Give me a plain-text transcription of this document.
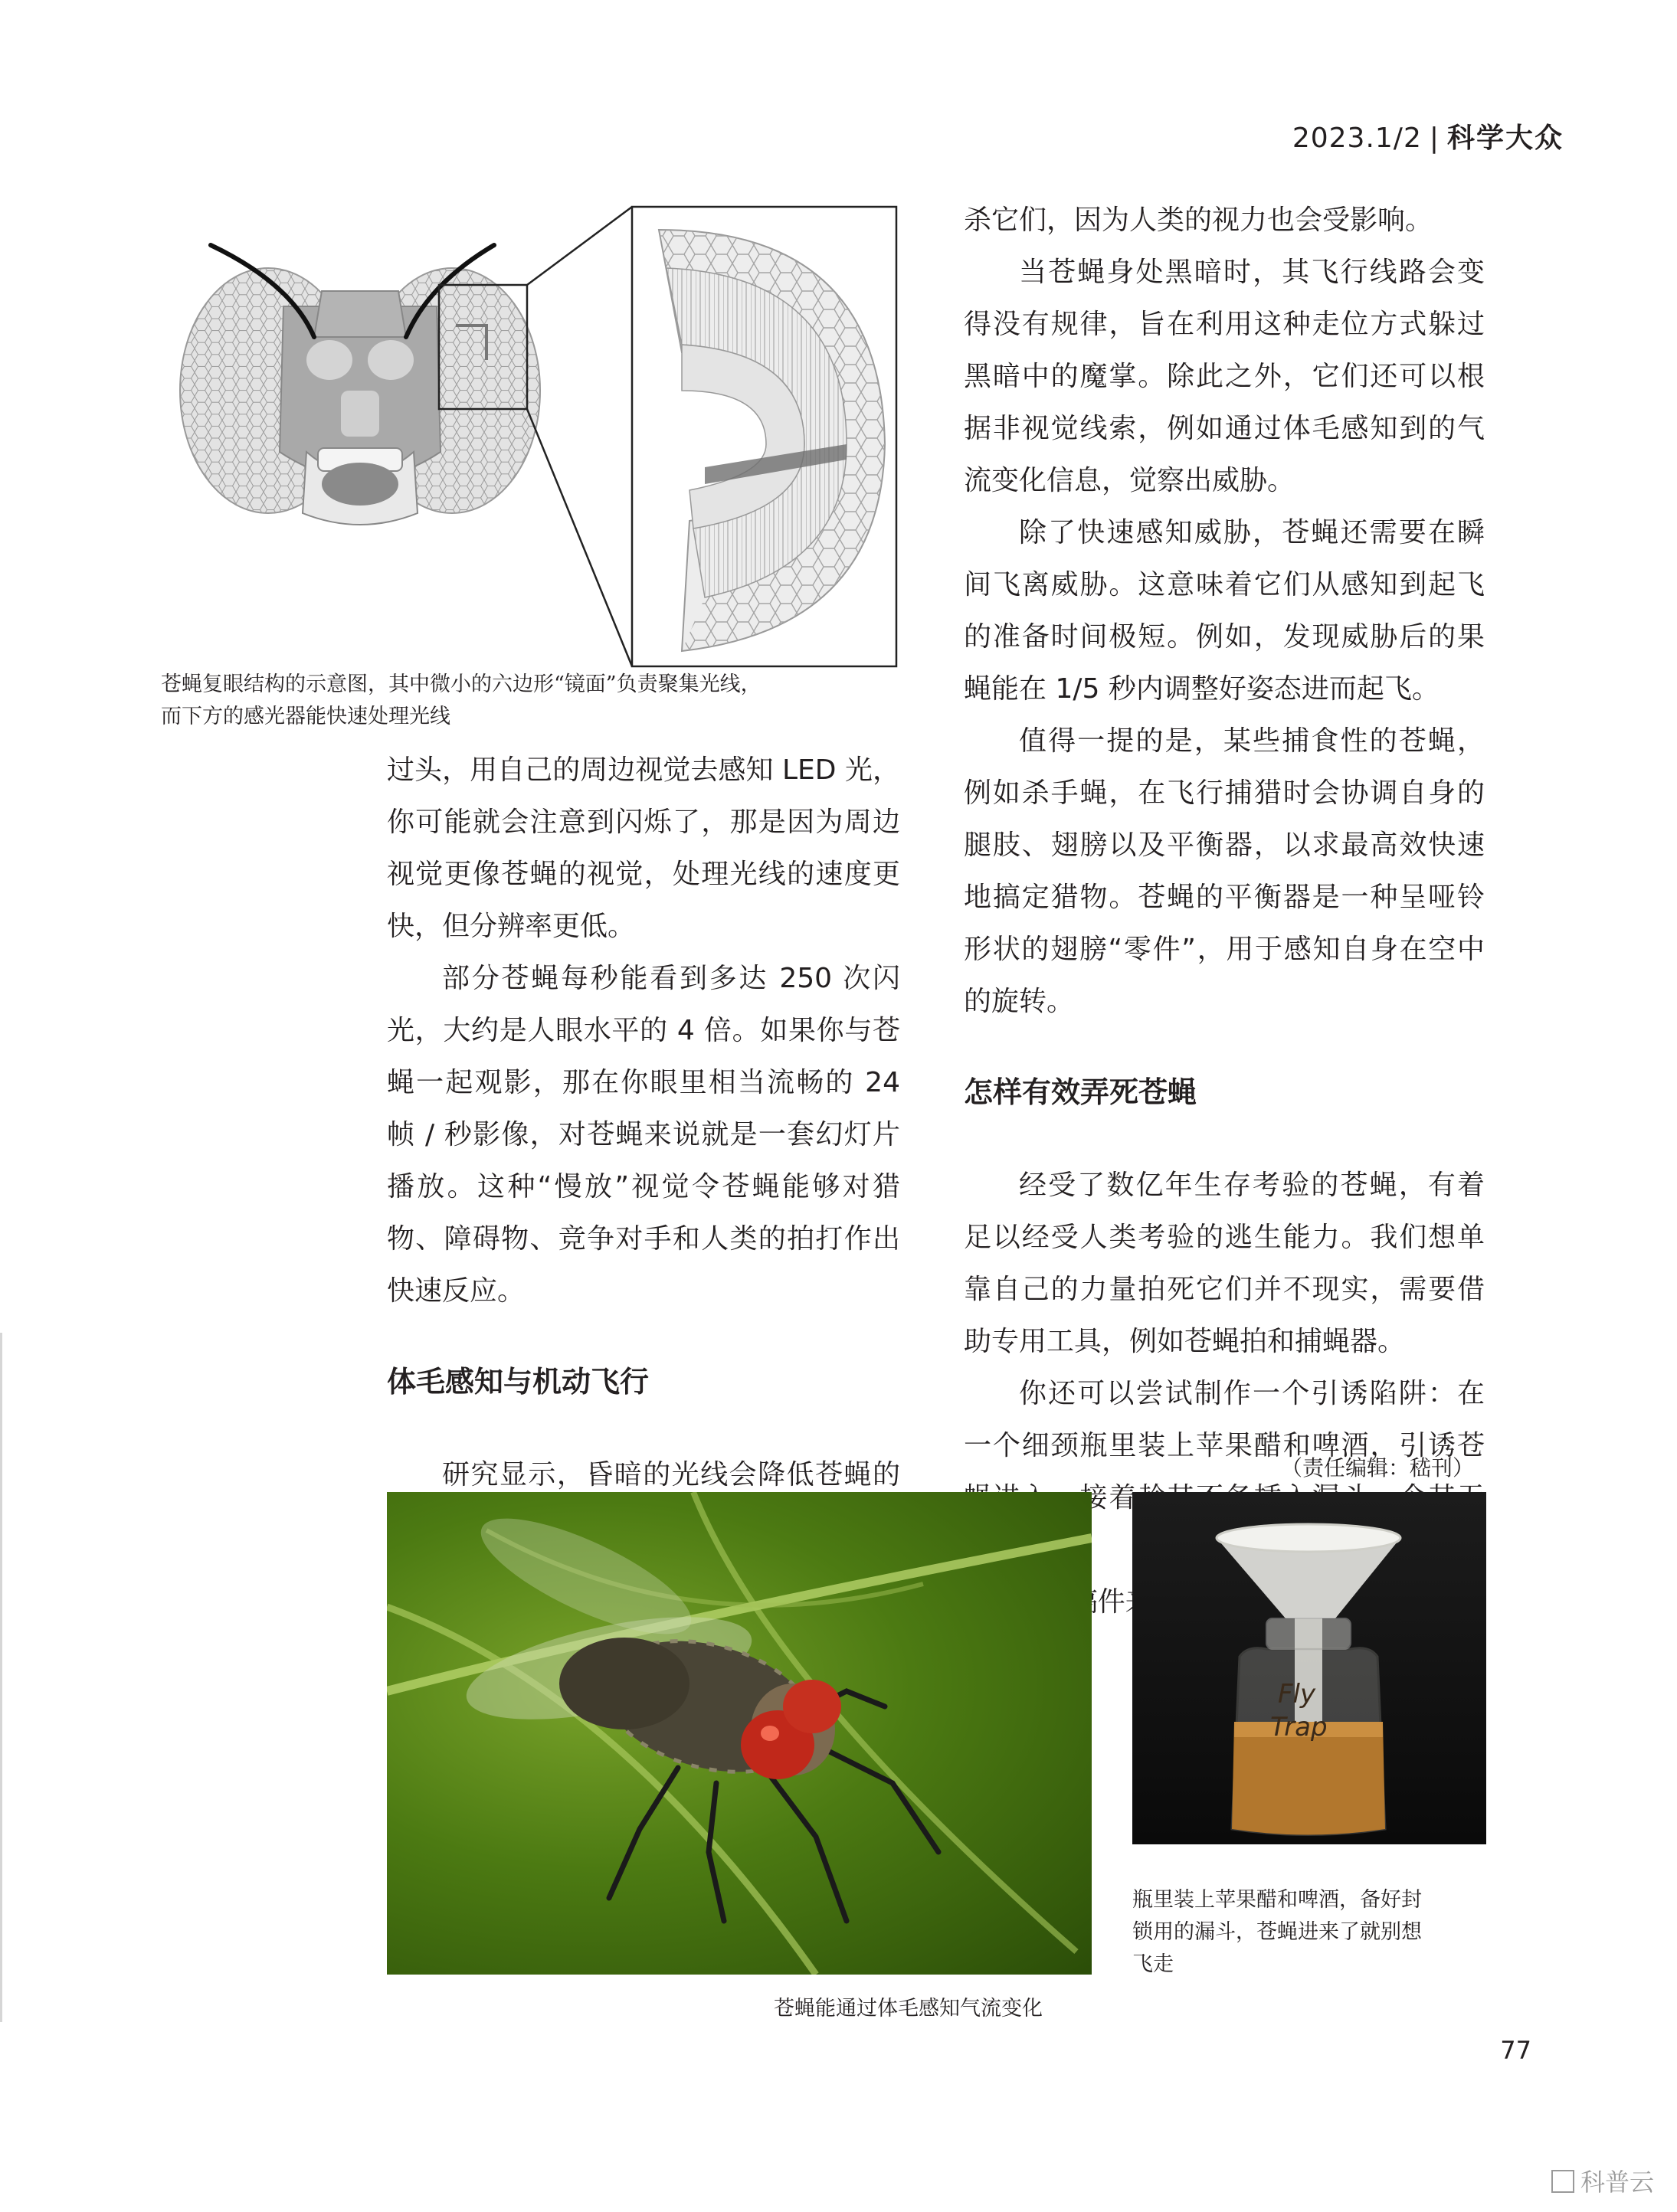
2023.1/2 | 科学大众
苍蝇复眼结构的示意图，其中微小的六边形“镜面”负责聚集光线，
而下方的感光器能快速处理光线

过头，用自己的周边视觉去感知 LED 光，你可能就会注意到闪烁了，那是因为周边视觉更像苍蝇的视觉，处理光线的速度更快，但分辨率更低。

部分苍蝇每秒能看到多达 250 次闪光，大约是人眼水平的 4 倍。如果你与苍蝇一起观影，那在你眼里相当流畅的 24 帧 / 秒影像，对苍蝇来说就是一套幻灯片播放。这种“慢放”视觉令苍蝇能够对猎物、障碍物、竞争对手和人类的拍打作出快速反应。

体毛感知与机动飞行

研究显示，昏暗的光线会降低苍蝇的

杀它们，因为人类的视力也会受影响。

当苍蝇身处黑暗时，其飞行线路会变得没有规律，旨在利用这种走位方式躲过黑暗中的魔掌。除此之外，它们还可以根据非视觉线索，例如通过体毛感知到的气流变化信息，觉察出威胁。

除了快速感知威胁，苍蝇还需要在瞬间飞离威胁。这意味着它们从感知到起飞的准备时间极短。例如，发现威胁后的果蝇能在 1/5 秒内调整好姿态进而起飞。

值得一提的是，某些捕食性的苍蝇，例如杀手蝇，在飞行捕猎时会协调自身的腿肢、翅膀以及平衡器，以求最高效快速地搞定猎物。苍蝇的平衡器是一种呈哑铃形状的翅膀“零件”，用于感知自身在空中的旋转。

怎样有效弄死苍蝇

经受了数亿年生存考验的苍蝇，有着足以经受人类考验的逃生能力。我们想单靠自己的力量拍死它们并不现实，需要借助专用工具，例如苍蝇拍和捕蝇器。

你还可以尝试制作一个引诱陷阱：在一个细颈瓶里装上苹果醋和啤酒，引诱苍 进入，接着趁其

（责任编辑：嵇刊）
苍蝇能通过体毛感知气流变化
Fly
Trap
瓶里装上苹果醋和啤酒，备好封
锁用的漏斗，苍蝇进来了就别想
飞走
77
科普云
